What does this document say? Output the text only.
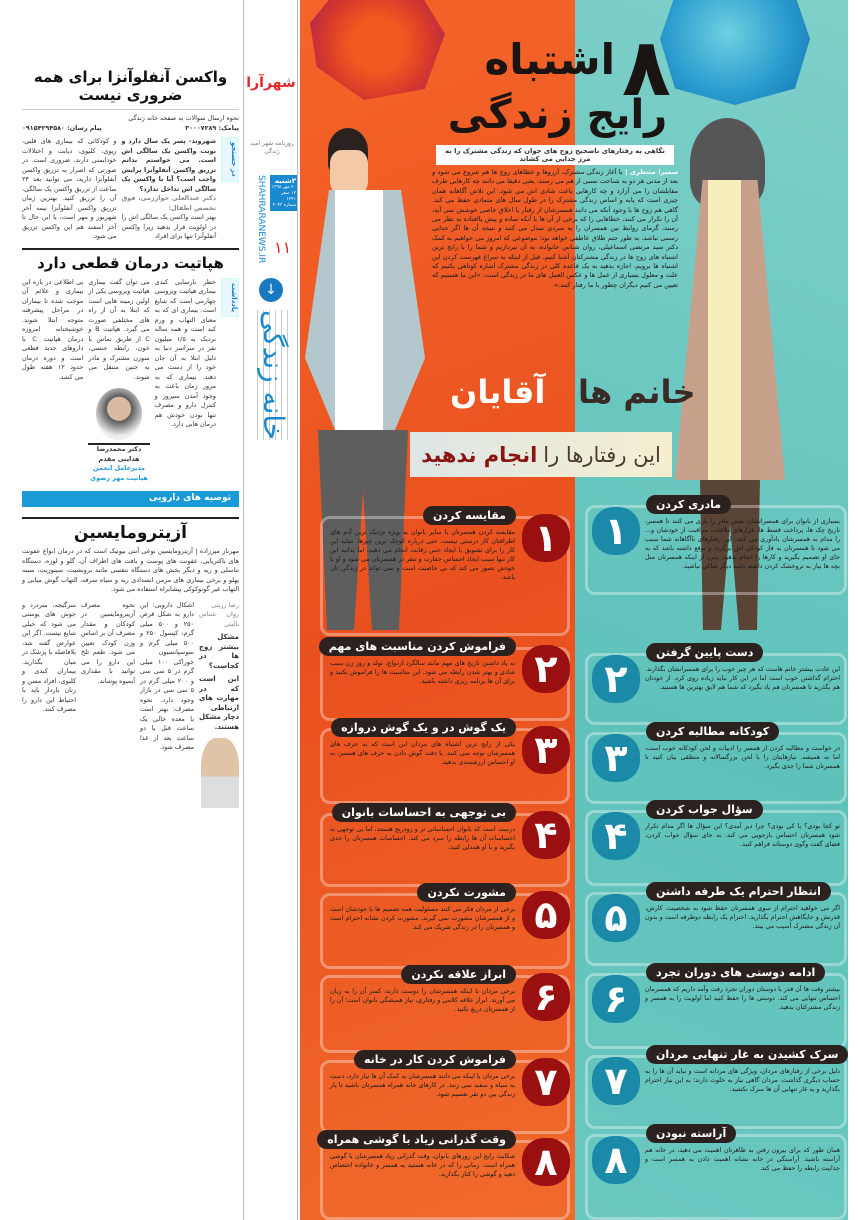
واکسن آنفلوآنزا برای همه ضروری نیست
نحوه ارسال سوالات به صفحه خانه زندگی
پیامک: ۳۰۰۰۷۲۸۹
پیام رسان: ۰۹۱۵۴۲۹۴۵۸۰
در جستجو
شهروند- پسر یک سال دارد و نوبت واکسن یک سالگی اش است. می خواستم بدانم تزریق واکسن آنفلوآنزا برایش واجب است؟ آیا با واکسن یک سالگی اش تداخل ندارد؟
دکتر عبدالعلی خوارزمی، فوق تخصص اطفال:
بهتر است واکسن یک سالگی اش را در اولویت قرار بدهید زیرا واکسن آنفلوآنزا تنها برای افراد
و کودکانی که بیماری های قلبی، ریوی، کلیوی، دیابت و اختلالات خودایمنی دارند، ضروری است. در صورتی که اصرار به تزریق واکسن آنفلوآنزا دارید، می توانید بعد ۲۴ ساعت از تزریق واکسن یک سالگی، آن را تزریق کنید. بهترین زمان تزریق واکسن آنفلوآنزا نیمه آخر شهریور و مهر است، با این حال تا آخر اسفند هم این واکسن تزریق می شود.
هپاتیت درمان قطعی دارد
یادداشت
خطر نارسایی کبدی بیماری هپاتیت ویروسی چهارمی است که شایع است. بیماری ای که به معنای التهاب و ورم کبد است و همه ساله نزدیک به ۱/۵ میلیون نفر در سراسر دنیا به دلیل ابتلا به آن جان خود را از دست می دهند. بیماری که به مرور زمان باعث به وجود آمدن سیروز و کنترل دارو و مصرف تنها بودن خودش هم درمان هایی دارد.
می توان گفت بیماری هپاتیت ویروسی یکی از اولین زمینه هایی است که ابتلا به آن از راه های مختلفی صورت می گیرد. هپاتیت B و C از طریق تماس با خون، رابطه جنسی، سوزن مشترک و مادر به جنین منتقل می شوند.
دکتر محمدرضا هدایتی مقدم
مدیرعامل انجمن هپاتیت مهر رضوی
بی اطلاعی در باره این بیماری و علائم آن موجب شده تا بیماران در مراحل پیشرفته متوجه ابتلا شوند. خوشبختانه امروزه درمان هپاتیت C با داروهای جدید قطعی است و دوره درمان حدود ۱۲ هفته طول می کشد.
توصیه های دارویی
آزیترومایسین
مهرناز میرزاده | آزیترومایسین نوعی آنتی بیوتیک است که در درمان انواع عفونت های باکتریایی، عفونت های پوست و بافت های اطراف آن، گلو و لوزه، دستگاه تناسلی و ریه و دیگر بخش های دستگاه تنفسی مانند برونشیت، سینوزیت، سینه پهلو و برخی بیماری های مزمن انسدادی ریه و سیاه سرفه، التهاب گوش میانی و التهاب غیر گونوکوکی پیشابراه استفاده می شود.
رضا زرینی
روان شناس بالینی
مشکل بیشتر زوج ها در کجاست؟
این است که در مهارت های ارتباطی دچار مشکل هستند.
اشکال دارویی: این دارو به شکل قرص ۲۵۰ و ۵۰۰ میلی گرم، کپسول ۲۵۰ و ۵۰۰ میلی گرم و سوسپانسیون خوراکی ۱۰۰ میلی گرم در ۵ سی سی و ۲۰۰ میلی گرم در ۵ سی سی در بازار وجود دارد. نحوه مصرف: بهتر است با معده خالی یک ساعت قبل یا دو ساعت بعد از غذا مصرف شود.
نحوه مصرف آزیترومایسین در کودکان و مقدار مصرف آن بر اساس وزن کودک تعیین می شود. طعم تلخ این دارو را می توانید با مقداری آبمیوه پوشاند.
سرگیجه، سردرد و جوش های پوستی می شود که خیلی شایع نیست. اگر این عوارض گفته شد، بلافاصله با پزشک در میان بگذارید. بیماران کبدی و کلیوی، افراد مسن و زنان باردار باید با احتیاط این دارو را مصرف کنند.
شهرآرا
روزنامه شهر امید زندگی
۳شنبه
۲۰ مهر ۱۳۹۸
۱۲ صفر ۱۴۴۱
شماره ۳۰۴۳
SHAHRARANEWS.IR ۱۱
↓
خانه زندگی
۸
اشتباه
رایج زندگی
نگاهی به رفتارهای ناصحیح زوج های جوان که زندگی مشترک را به مرز جدایی می کشاند
سمیرا منتظری | با آغاز زندگی مشترک، آرزوها و خطاهای زوج ها هم شروع می شود و بعد از مدتی هر دو به شناخت نسبی از هم می رسند، یعنی دقیقا می دانند چه کارهایی طرف مقابلشان را می آزارد و چه کارهایی باعث شادی اش می شود. این تلاش آگاهانه همان چیزی است که پایه و اساس زندگی مشترک را در طول سال های متمادی حفظ می کند. گاهی هم زوج ها با وجود آنکه می دانند همسرشان از رفتار یا اخلاق خاصی خوشش نمی آید، آن را تکرار می کنند، خطاهایی را که برخی از آن ها با آنکه ساده و پیش پاافتاده به نظر می رسند، گرمای روابط بین همسران را به سردی مبدل می کنند و نتیجه آن ها اگر جدایی رسمی نباشد، به طور حتم طلاق عاطفی خواهد بود؛ موضوعی که امروز می خواهیم به کمک دکتر سید مرتضی اسماعیلی، روان شناس خانواده، به آن بپردازیم و شما را با رایج ترین اشتباه های زوج ها در زندگی مشترکتان آشنا کنیم. قبل از اینکه به سراغ فهرست کردن این اشتباه ها برویم، اجازه بدهید به یک قاعده کلی در زندگی مشترک اشاره کوتاهی بکنیم که علت و معلول بسیاری از عمل ها و عکس العمل های ما در زندگی است: «این ما هستیم که تعیین می کنیم دیگران چطور با ما رفتار کنند.»
خانم ها
آقایان
این رفتارها را
انجام ندهید
۱
مادری کردن
بسیاری از بانوان برای همسرانشان نقش مادر را بازی می کنند تا همسر، تاریخ چک ها، پرداخت قسط ها، قرارهای ملاقات، مراقبت از خودشان و... را مدام به همسرشان یادآوری می کنند. این رفتارهای ناآگاهانه شما سبب می شود تا همسرتان به فاز کودکی اش برگردد و توقع داشته باشد که به جای او تصمیم بگیرید و کارها را انجام بدهید. پس، از اینکه همسرتان مثل بچه ها نیاز به تروخشک کردن داشته باشد دیگر شاکی نباشید.
۱
مقایسه کردن
مقایسه کردن همسرتان با سایر بانوان به ویژه نزدیک ترین آدم های اطرافتان کار درستی نیست، حتی درباره کوچک ترین چیزها. شاید این کار را برای تشویق یا ایجاد حس رقابت انجام می دهید، اما بدانید این کار تنها سبب ایجاد احساس حقارت و تنفر در همسرتان می شود و او با خودش تصور می کند که بی خاصیت است و نمی تواند در زندگی تان باشد.
۲
دست پایین گرفتن
این عادت بیشتر خانم هاست که هر چیز خوب را برای همسرانشان بگذارند. احترام گذاشتن خوب است اما در این کار نباید زیاده روی کرد. از خودتان هم بگذرید تا همسرتان هم یاد بگیرد که شما هم لایق بهترین ها هستید.
۲
فراموش کردن مناسبت های مهم
به یاد داشتن تاریخ های مهم مانند سالگرد ازدواج، تولد و روز زن سبب شادی و بهتر شدن رابطه می شود. این مناسبت ها را فراموش نکنید و برای آن ها برنامه ریزی داشته باشید.
۳
کودکانه مطالبه کردن
در خواست و مطالبه کردن از همسر را ادبیات و لحن کودکانه خوب است، اما نه همیشه. نیازهایتان را با لحن بزرگسالانه و منطقی بیان کنید تا همسرتان شما را جدی بگیرد.
۳
یک گوش در و یک گوش دروازه
یکی از رایج ترین اشتباه های مردان این است که به حرف های همسرشان توجه نمی کنند. با دقت گوش دادن به حرف های همسر، به او احساس ارزشمندی بدهید.
۴
سؤال جواب کردن
تو کجا بودی؟ با کی بودی؟ چرا دیر آمدی؟ این سؤال ها اگر مدام تکرار شود همسرتان احساس بازجویی می کند. به جای سؤال جواب کردن، فضای گفت وگوی دوستانه فراهم کنید.
۴
بی توجهی به احساسات بانوان
درست است که بانوان احساساتی تر و زودرنج هستند، اما بی توجهی به احساسات آن ها رابطه را سرد می کند. احساسات همسرتان را جدی بگیرید و با او همدلی کنید.
۵
انتظار احترام یک طرفه داشتن
اگر می خواهید احترام از سوی همسرتان حفظ شود به شخصیت، کارش، قدرتش و جایگاهش احترام بگذارید. احترام یک رابطه دوطرفه است و بدون آن زندگی مشترک آسیب می بیند.
۵
مشورت نکردن
برخی از مردان فکر می کنند مسئولیت همه تصمیم ها با خودشان است و از همسرشان مشورت نمی گیرند. مشورت کردن نشانه احترام است و همسرتان را در زندگی شریک می کند.
۶
ادامه دوستی های دوران تجرد
بیشتر وقت ها آن قدر با دوستان دوران تجرد رفت وآمد داریم که همسرمان احساس تنهایی می کند. دوستی ها را حفظ کنید اما اولویت را به همسر و زندگی مشترکتان بدهید.
۶
ابراز علاقه نکردن
برخی مردان با اینکه همسرشان را دوست دارند، کمتر آن را به زبان می آورند. ابراز علاقه کلامی و رفتاری، نیاز همیشگی بانوان است؛ آن را از همسرتان دریغ نکنید.
۷
سرک کشیدن به غار تنهایی مردان
دلیل برخی از رفتارهای مردان، ویژگی های مردانه است و نباید آن ها را به حساب دیگری گذاشت. مردان گاهی نیاز به خلوت دارند؛ به این نیاز احترام بگذارید و به غار تنهایی آن ها سرک نکشید.
۷
فراموش کردن کار در خانه
برخی مردان با اینکه می دانند همسرشان به کمک آن ها نیاز دارد، دست به سیاه و سفید نمی زنند. در کارهای خانه همراه همسرتان باشید تا بار زندگی بین دو نفر تقسیم شود.
۸
آراسته نبودن
همان طور که برای بیرون رفتن به ظاهرتان اهمیت می دهید، در خانه هم آراسته باشید. آراستگی در خانه نشانه اهمیت دادن به همسر است و جذابیت رابطه را حفظ می کند.
۸
وقت گذرانی زیاد با گوشی همراه
شکایت رایج این روزهای بانوان، وقت گذرانی زیاد همسرشان با گوشی همراه است. زمانی را که در خانه هستید به همسر و خانواده اختصاص دهید و گوشی را کنار بگذارید.
